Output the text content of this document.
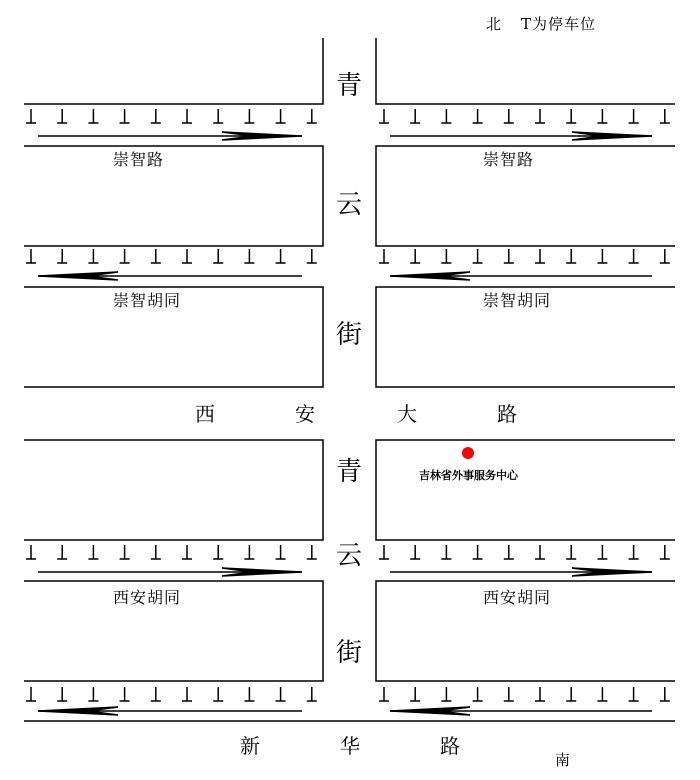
北 T为停车位
南
青
云
街
青
云
街
西	安	大	路
新	华	路
崇智路	崇智路
崇智胡同	崇智胡同
西安胡同	西安胡同
吉林省外事服务中心
